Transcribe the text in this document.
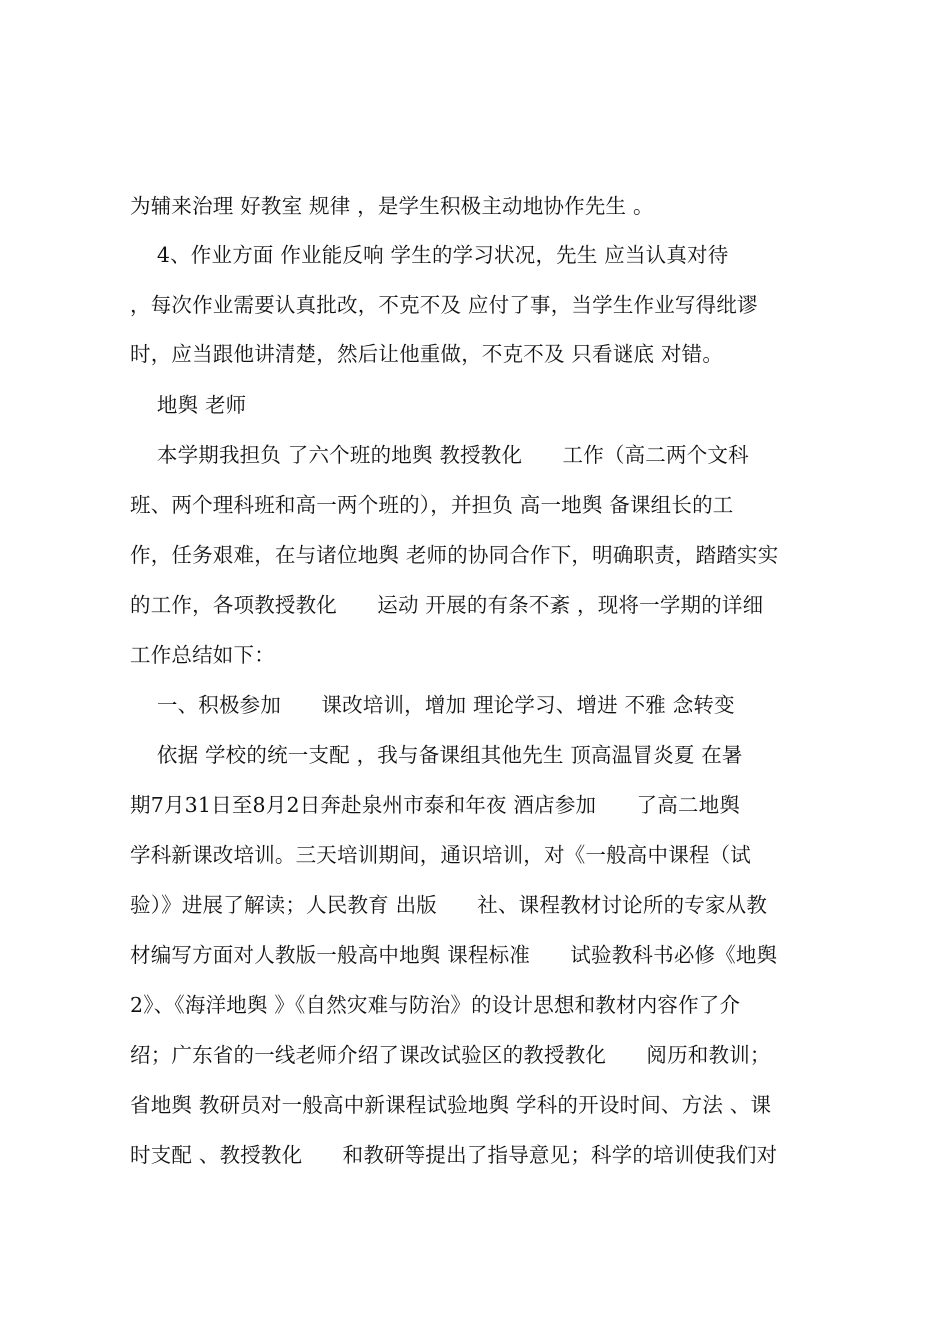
为辅来治理 好教室 规律 ，是学生积极主动地协作先生 。
4、作业方面 作业能反响 学生的学习状况，先生 应当认真对待
，每次作业需要认真批改，不克不及 应付了事，当学生作业写得纰谬
时，应当跟他讲清楚，然后让他重做，不克不及 只看谜底 对错。
地舆 老师
本学期我担负 了六个班的地舆 教授教化      工作（高二两个文科
班、两个理科班和高一两个班的），并担负 高一地舆 备课组长的工
作，任务艰难，在与诸位地舆 老师的协同合作下，明确职责，踏踏实实
的工作，各项教授教化      运动 开展的有条不紊 ，现将一学期的详细
工作总结如下：
一、积极参加      课改培训，增加 理论学习、增进 不雅 念转变
依据 学校的统一支配 ，我与备课组其他先生 顶高温冒炎夏 在暑
期7月31日至8月2日奔赴泉州市泰和年夜 酒店参加      了高二地舆
学科新课改培训。三天培训期间，通识培训，对《一般高中课程（试
验）》进展了解读；人民教育 出版      社、课程教材讨论所的专家从教
材编写方面对人教版一般高中地舆 课程标准      试验教科书必修《地舆
2》、《海洋地舆 》《自然灾难与防治》的设计思想和教材内容作了介
绍；广东省的一线老师介绍了课改试验区的教授教化      阅历和教训；
省地舆 教研员对一般高中新课程试验地舆 学科的开设时间、方法 、课
时支配 、教授教化      和教研等提出了指导意见；科学的培训使我们对
